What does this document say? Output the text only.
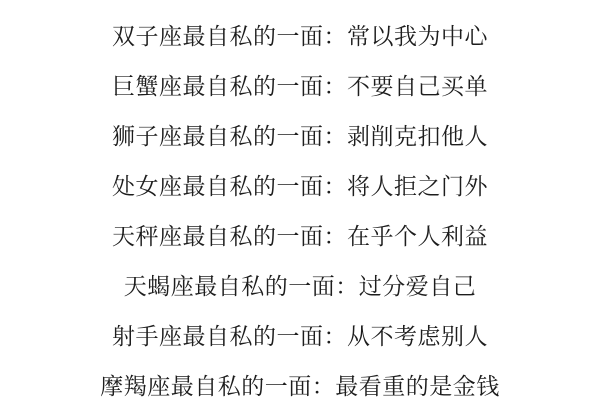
双子座最自私的一面：常以我为中心
巨蟹座最自私的一面：不要自己买单
狮子座最自私的一面：剥削克扣他人
处女座最自私的一面：将人拒之门外
天秤座最自私的一面：在乎个人利益
天蝎座最自私的一面：过分爱自己
射手座最自私的一面：从不考虑别人
摩羯座最自私的一面：最看重的是金钱
